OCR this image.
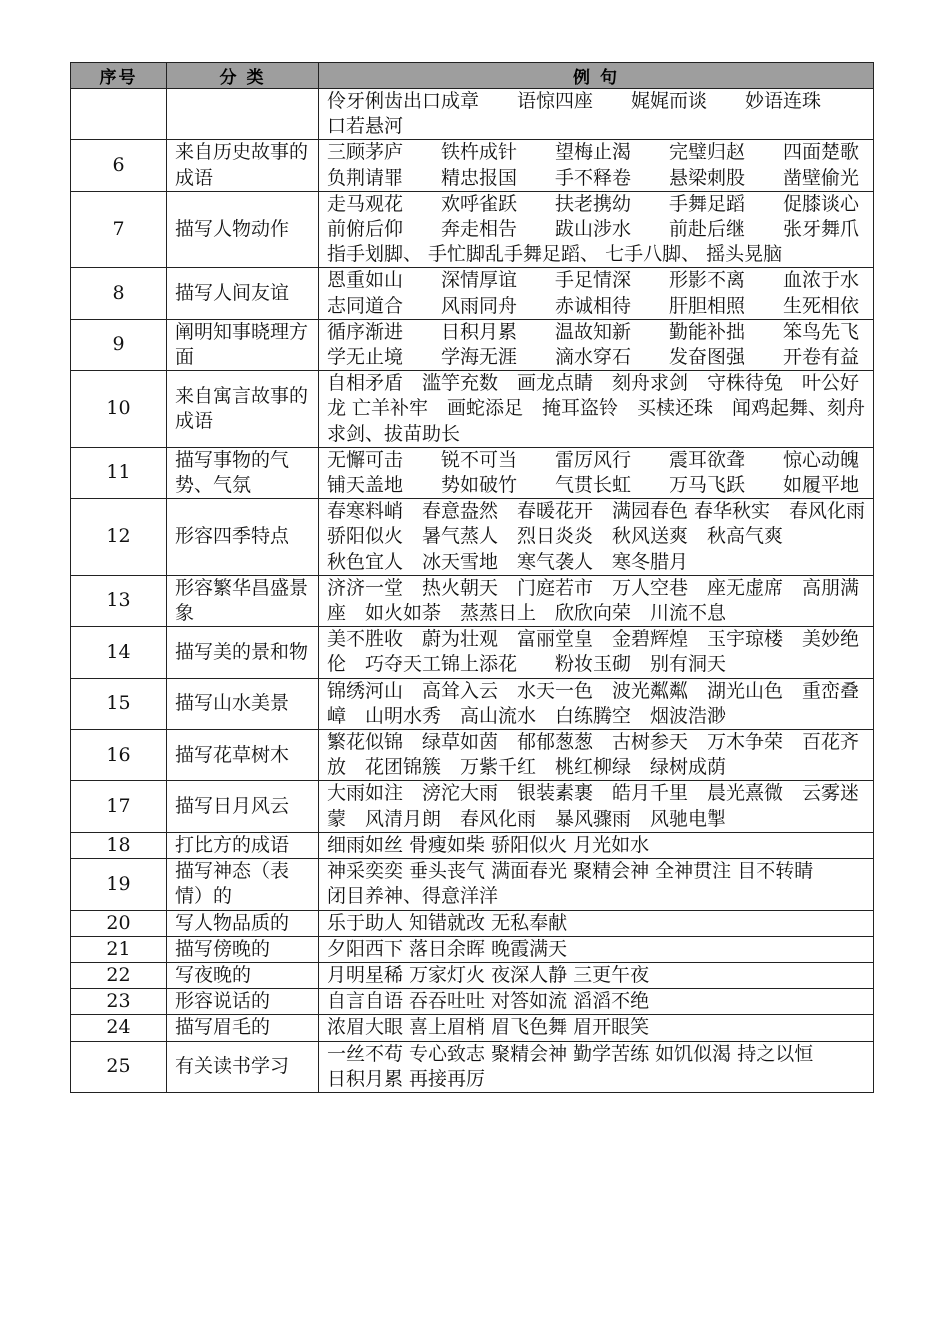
序号	分 类	例 句

		伶牙俐齿出口成章　　语惊四座　　娓娓而谈　　妙语连珠　　口若悬河

6	来自历史故事的成语	三顾茅庐　　铁杵成针　　望梅止渴　　完璧归赵　　四面楚歌负荆请罪　　精忠报国　　手不释卷　　悬梁刺股　　凿壁偷光

7	描写人物动作	走马观花　　欢呼雀跃　　扶老携幼　　手舞足蹈　　促膝谈心前俯后仰　　奔走相告　　跋山涉水　　前赴后继　　张牙舞爪 指手划脚、 手忙脚乱手舞足蹈、 七手八脚、 摇头晃脑

8	描写人间友谊	恩重如山　　深情厚谊　　手足情深　　形影不离　　血浓于水志同道合　　风雨同舟　　赤诚相待　　肝胆相照　　生死相依

9	阐明知事晓理方面	循序渐进　　日积月累　　温故知新　　勤能补拙　　笨鸟先飞学无止境　　学海无涯　　滴水穿石　　发奋图强　　开卷有益

10	来自寓言故事的成语	自相矛盾　滥竽充数　画龙点睛　刻舟求剑　守株待兔　叶公好龙 亡羊补牢　画蛇添足　掩耳盗铃　买椟还珠　闻鸡起舞、刻舟求剑、拔苗助长

11	描写事物的气势、气氛	无懈可击　　锐不可当　　雷厉风行　　震耳欲聋　　惊心动魄铺天盖地　　势如破竹　　气贯长虹　　万马飞跃　　如履平地

12	形容四季特点	春寒料峭　春意盎然　春暖花开　满园春色 春华秋实　春风化雨骄阳似火　暑气蒸人　烈日炎炎　秋风送爽　秋高气爽
秋色宜人　冰天雪地　寒气袭人　寒冬腊月

13	形容繁华昌盛景象	济济一堂　热火朝天　门庭若市　万人空巷　座无虚席　高朋满座　如火如荼　蒸蒸日上　欣欣向荣　川流不息

14	描写美的景和物	美不胜收　蔚为壮观　富丽堂皇　金碧辉煌　玉宇琼楼　美妙绝伦　巧夺天工锦上添花　　粉妆玉砌　别有洞天

15	描写山水美景	锦绣河山　高耸入云　水天一色　波光粼粼　湖光山色　重峦叠嶂　山明水秀　高山流水　白练腾空　烟波浩渺

16	描写花草树木	繁花似锦　绿草如茵　郁郁葱葱　古树参天　万木争荣　百花齐放　花团锦簇　万紫千红　桃红柳绿　绿树成荫

17	描写日月风云	大雨如注　滂沱大雨　银装素裹　皓月千里　晨光熹微　云雾迷蒙　风清月朗　春风化雨　暴风骤雨　风驰电掣

18	打比方的成语	细雨如丝 骨瘦如柴 骄阳似火 月光如水

19	描写神态（表情）的	神采奕奕 垂头丧气 满面春光 聚精会神 全神贯注 目不转睛
闭目养神、得意洋洋

20	写人物品质的	乐于助人 知错就改 无私奉献

21	描写傍晚的	夕阳西下 落日余晖 晚霞满天

22	写夜晚的	月明星稀 万家灯火 夜深人静 三更午夜

23	形容说话的	自言自语 吞吞吐吐 对答如流 滔滔不绝

24	描写眉毛的	浓眉大眼 喜上眉梢 眉飞色舞 眉开眼笑

25	有关读书学习	一丝不苟 专心致志 聚精会神 勤学苦练 如饥似渴 持之以恒
日积月累 再接再厉
